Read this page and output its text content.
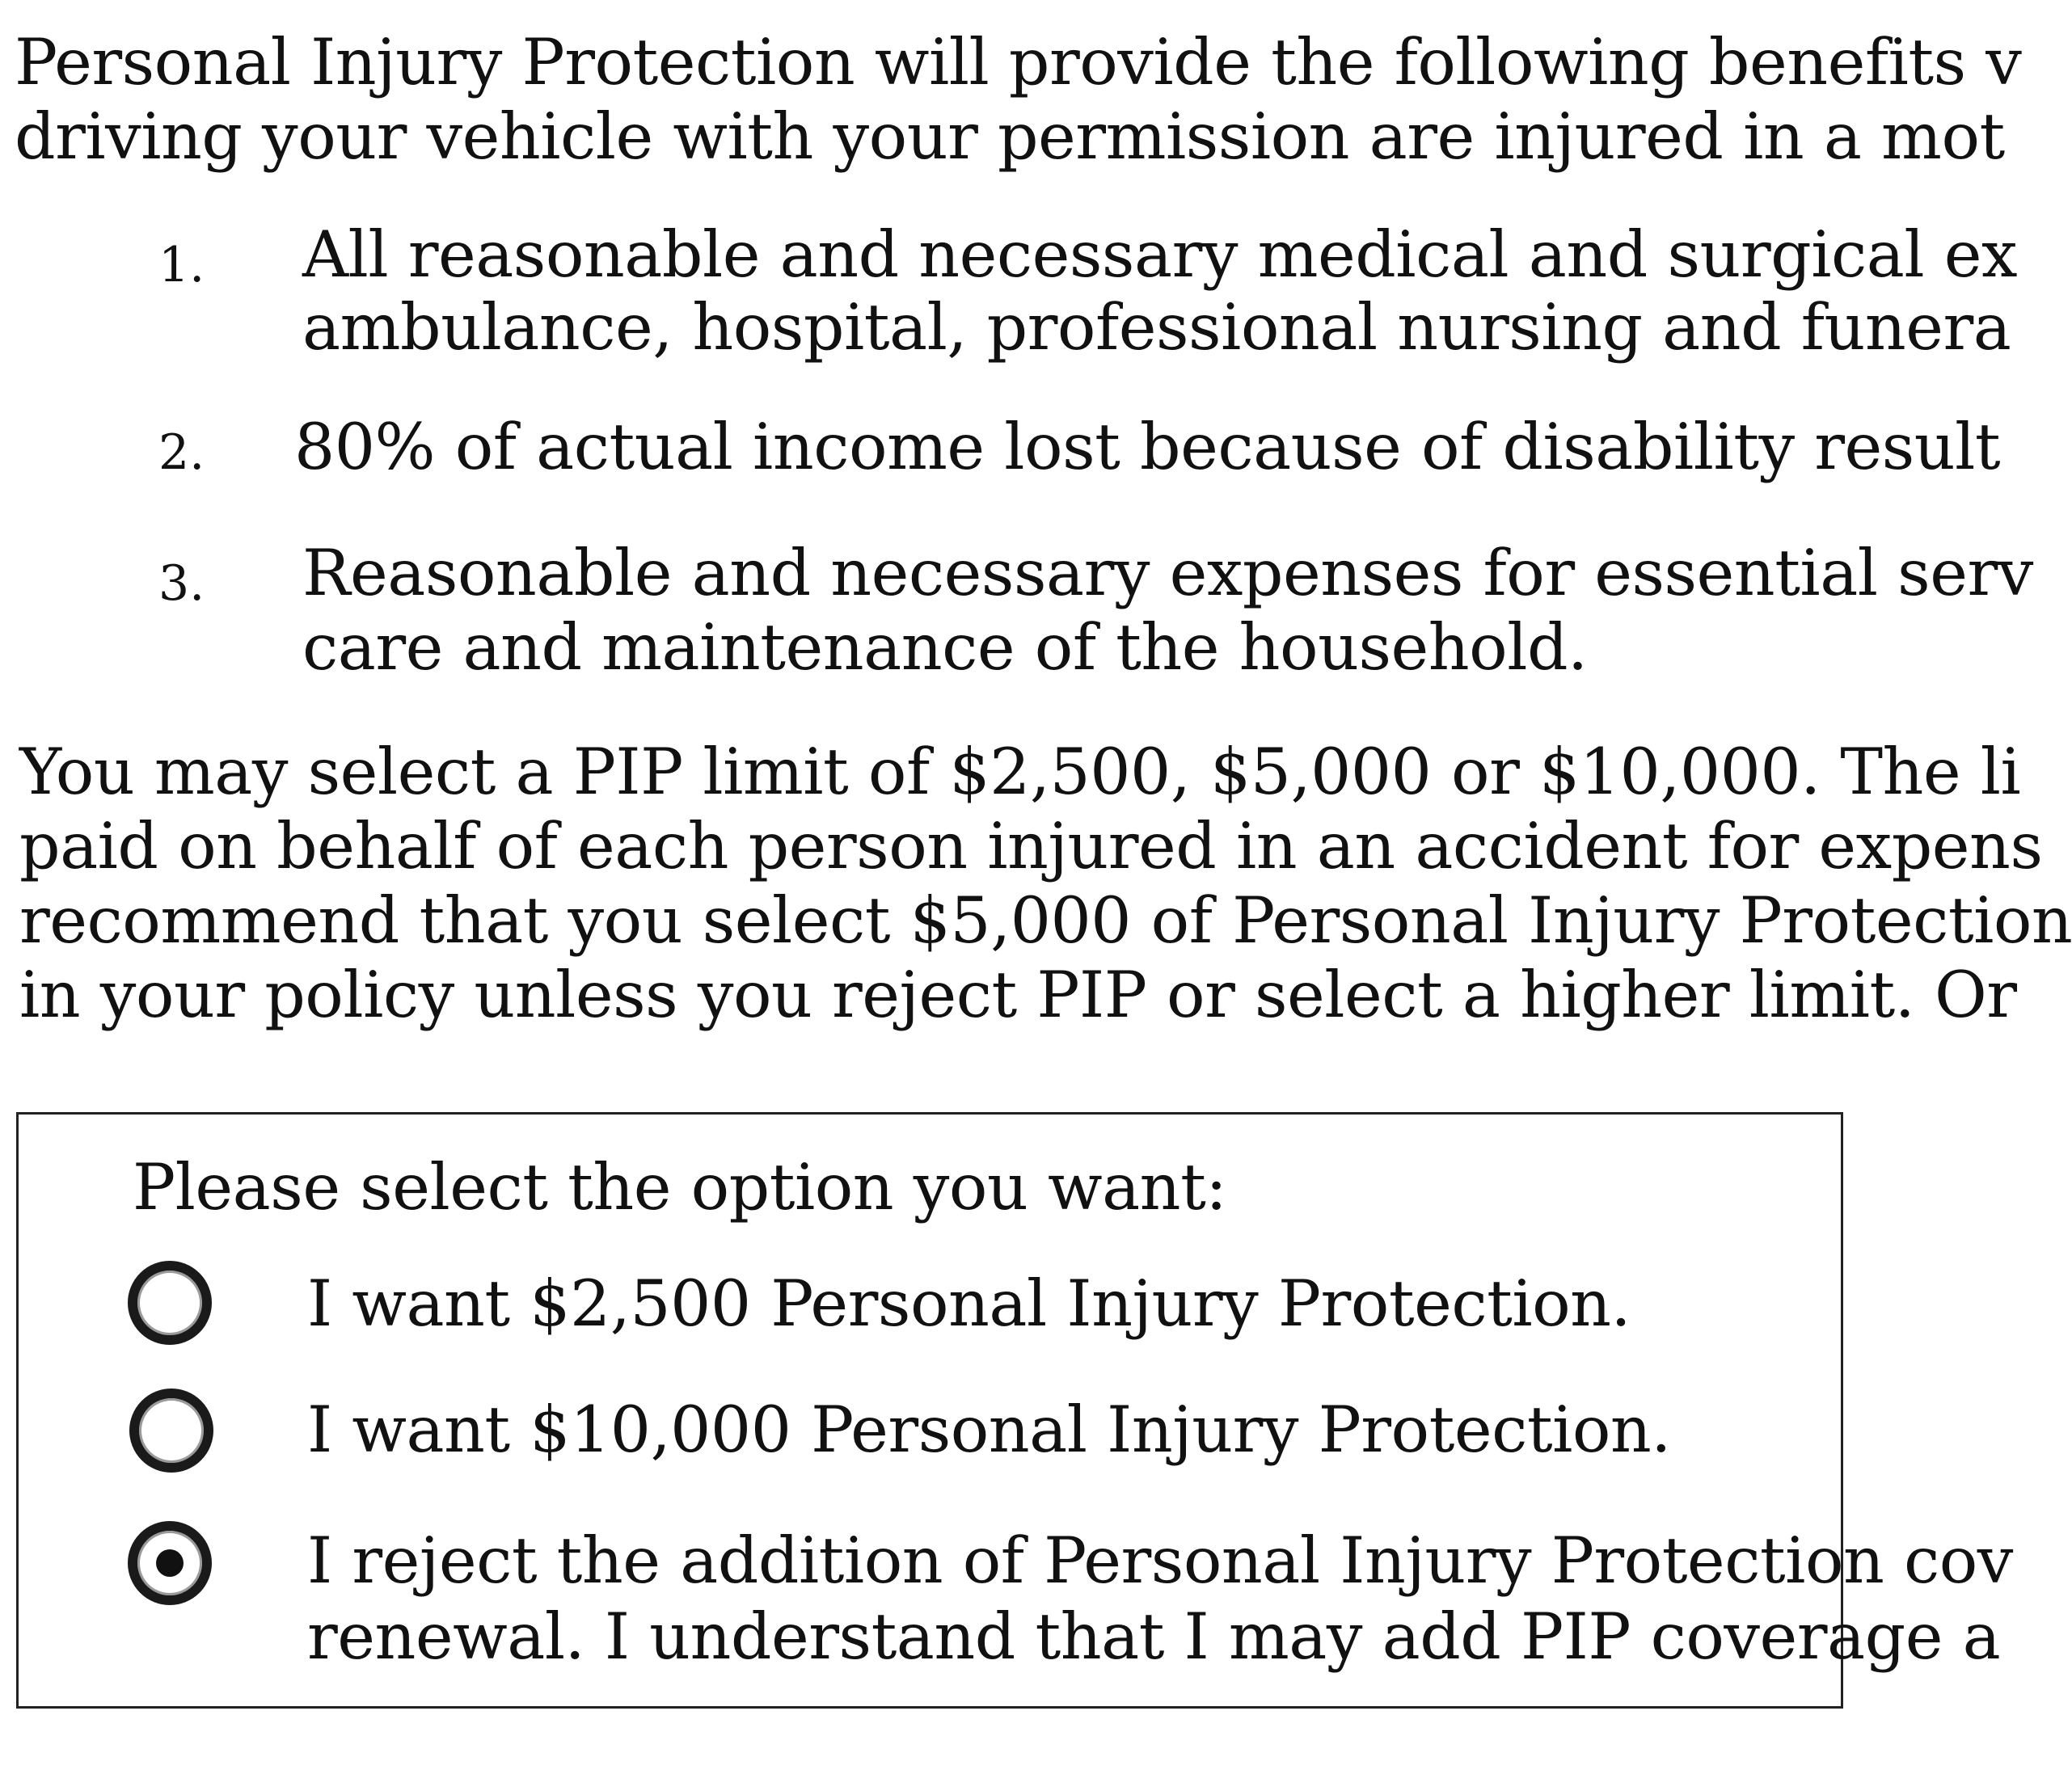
Personal Injury Protection will provide the following benefits v
driving your vehicle with your permission are injured in a mot
1. All reasonable and necessary medical and surgical ex
ambulance, hospital, professional nursing and funera
2. 80% of actual income lost because of disability result
3. Reasonable and necessary expenses for essential serv
care and maintenance of the household.
You may select a PIP limit of $2,500, $5,000 or $10,000. The li
paid on behalf of each person injured in an accident for expens
recommend that you select $5,000 of Personal Injury Protection
in your policy unless you reject PIP or select a higher limit. Or
Please select the option you want:
I want $2,500 Personal Injury Protection.
I want $10,000 Personal Injury Protection.
I reject the addition of Personal Injury Protection cov
renewal. I understand that I may add PIP coverage a
